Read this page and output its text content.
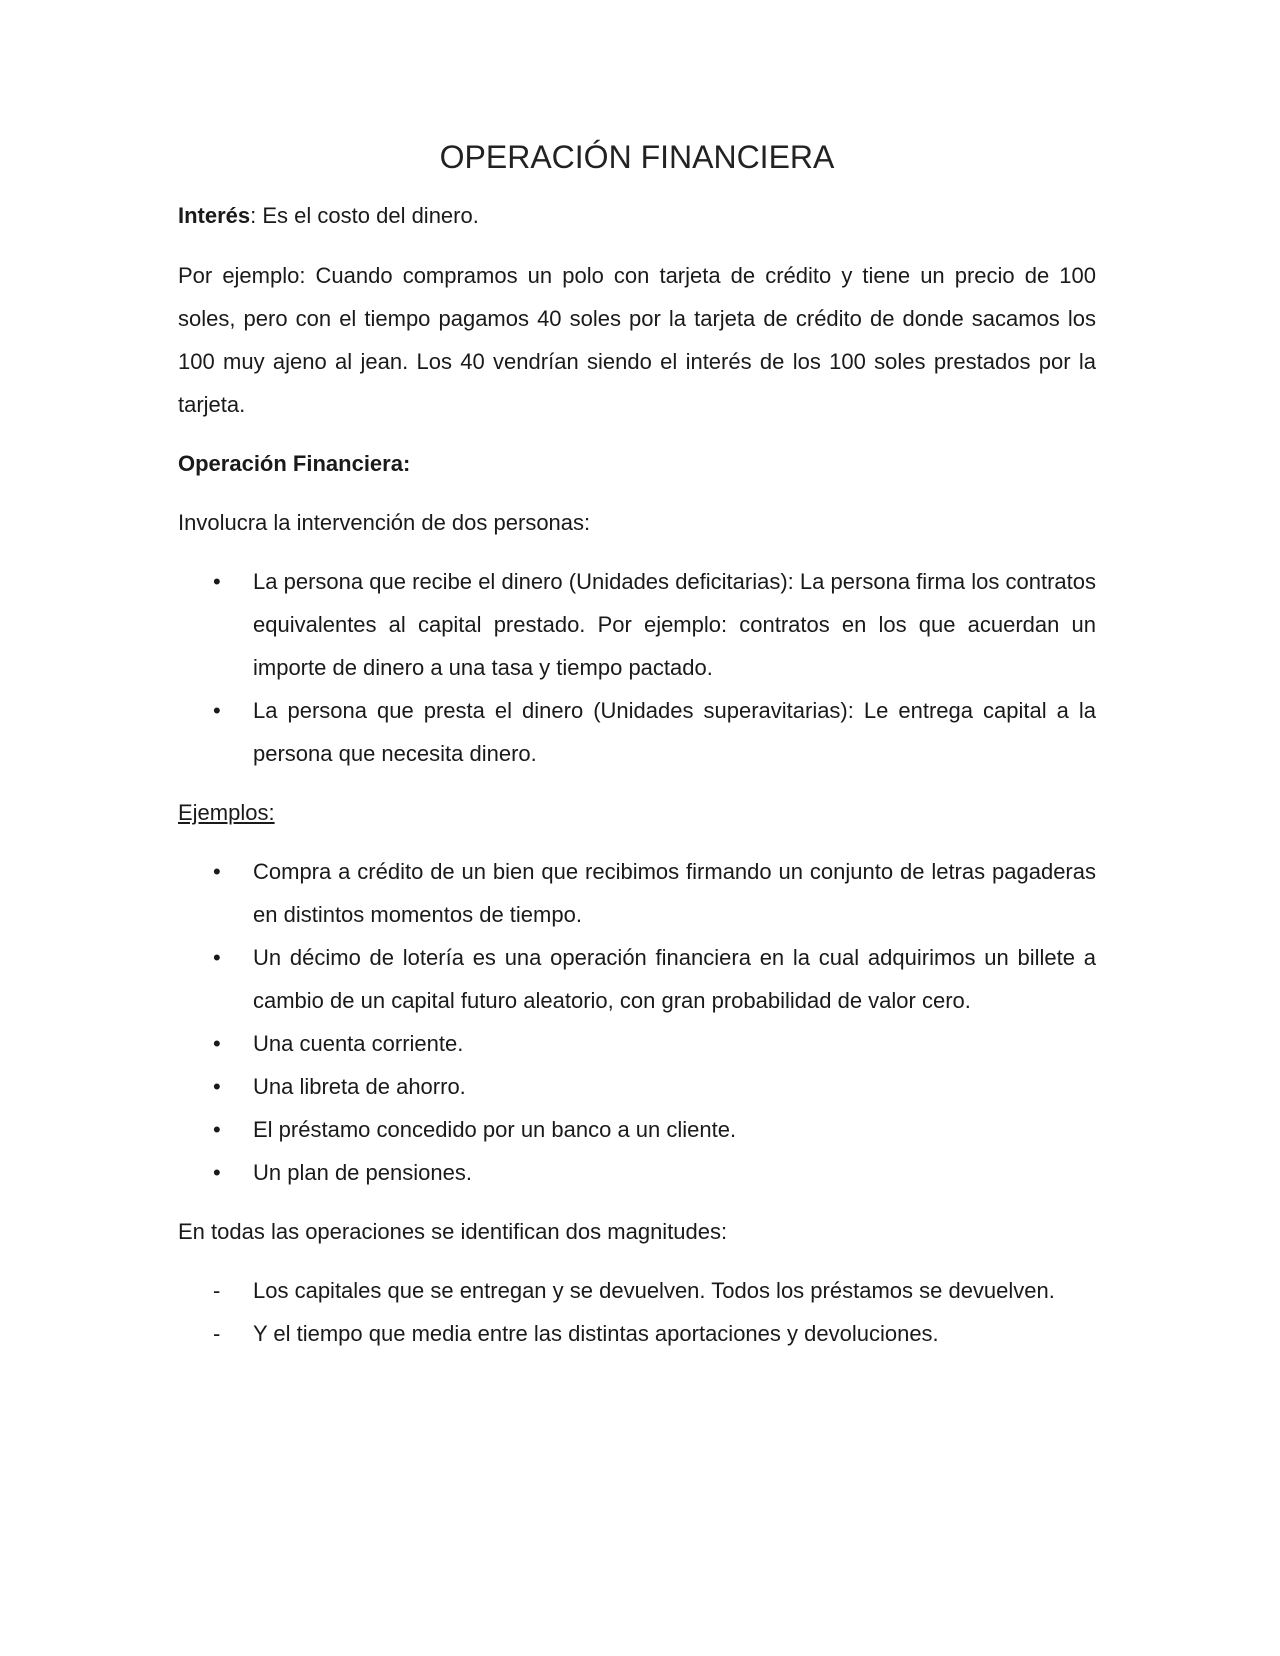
OPERACIÓN FINANCIERA

Interés: Es el costo del dinero.

Por ejemplo: Cuando compramos un polo con tarjeta de crédito y tiene un precio de 100 soles, pero con el tiempo pagamos 40 soles por la tarjeta de crédito de donde sacamos los 100 muy ajeno al jean. Los 40 vendrían siendo el interés de los 100 soles prestados por la tarjeta.

Operación Financiera:

Involucra la intervención de dos personas:

•	La persona que recibe el dinero (Unidades deficitarias): La persona firma los contratos equivalentes al capital prestado. Por ejemplo: contratos en los que acuerdan un importe de dinero a una tasa y tiempo pactado.
•	La persona que presta el dinero (Unidades superavitarias): Le entrega capital a la persona que necesita dinero.

Ejemplos:

•	Compra a crédito de un bien que recibimos firmando un conjunto de letras pagaderas en distintos momentos de tiempo.
•	Un décimo de lotería es una operación financiera en la cual adquirimos un billete a cambio de un capital futuro aleatorio, con gran probabilidad de valor cero.
•	Una cuenta corriente.
•	Una libreta de ahorro.
•	El préstamo concedido por un banco a un cliente.
•	Un plan de pensiones.

En todas las operaciones se identifican dos magnitudes:

-	Los capitales que se entregan y se devuelven. Todos los préstamos se devuelven.
-	Y el tiempo que media entre las distintas aportaciones y devoluciones.
